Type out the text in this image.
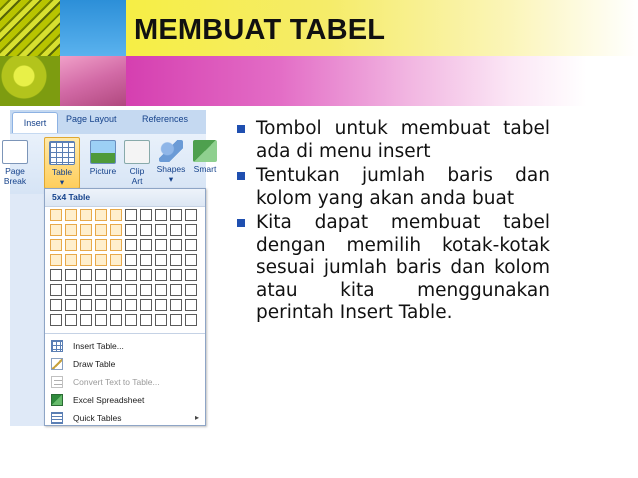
MEMBUAT TABEL
Insert	Page Layout	References
Page
Break
Table
▾
Picture	Clip
Art
Shapes
▾
Smart
5x4 Table
Insert Table...
Draw Table
Convert Text to Table...
Excel Spreadsheet
Quick Tables	▸
Tombol untuk membuat tabel ada di menu insert
Tentukan jumlah baris dan kolom yang akan anda buat
Kita dapat membuat tabel dengan memilih kotak-kotak sesuai jumlah baris dan kolom atau kita menggunakan perintah Insert Table.
